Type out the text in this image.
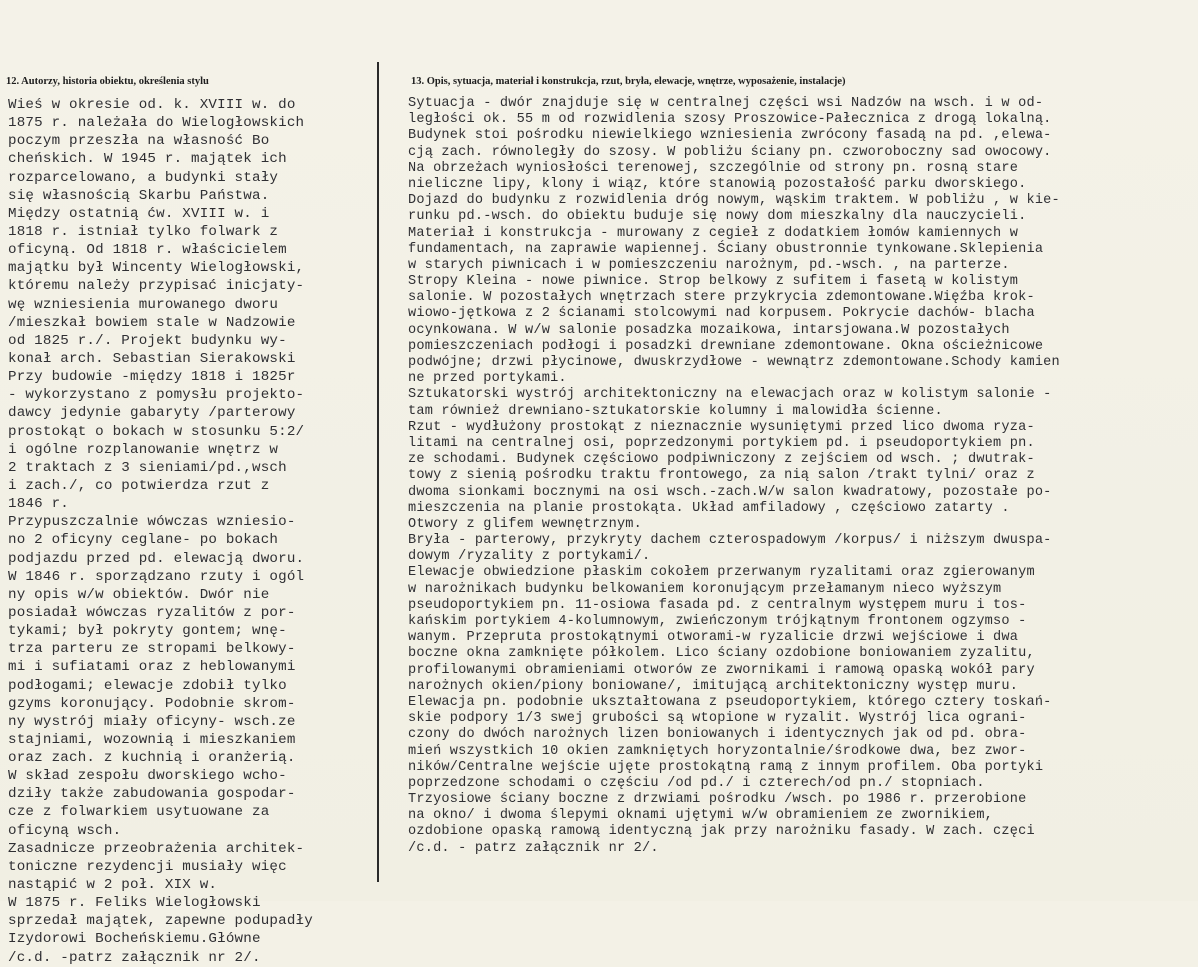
12. Autorzy, historia obiektu, określenia stylu	13. Opis, sytuacja, materiał i konstrukcja, rzut, bryła, elewacje, wnętrze, wyposażenie, instalacje)
Wieś w okresie od. k. XVIII w. do
1875 r. należała do Wielogłowskich
poczym przeszła na własność Bo
cheńskich. W 1945 r. majątek ich
rozparcelowano, a budynki stały
się własnością Skarbu Państwa.
Między ostatnią ćw. XVIII w. i
1818 r. istniał tylko folwark z
oficyną. Od 1818 r. właścicielem
majątku był Wincenty Wielogłowski,
któremu należy przypisać inicjaty-
wę wzniesienia murowanego dworu
/mieszkał bowiem stale w Nadzowie
od 1825 r./. Projekt budynku wy-
konał arch. Sebastian Sierakowski
Przy budowie -między 1818 i 1825r
- wykorzystano z pomysłu projekto-
dawcy jedynie gabaryty /parterowy
prostokąt o bokach w stosunku 5:2/
i ogólne rozplanowanie wnętrz w
2 traktach z 3 sieniami/pd.,wsch
i zach./, co potwierdza rzut z
1846 r.
Przypuszczalnie wówczas wzniesio-
no 2 oficyny ceglane- po bokach
podjazdu przed pd. elewacją dworu.
W 1846 r. sporządzano rzuty i ogól
ny opis w/w obiektów. Dwór nie
posiadał wówczas ryzalitów z por-
tykami; był pokryty gontem; wnę-
trza parteru ze stropami belkowy-
mi i sufiatami oraz z heblowanymi
podłogami; elewacje zdobił tylko
gzyms koronujący. Podobnie skrom-
ny wystrój miały oficyny- wsch.ze
stajniami, wozownią i mieszkaniem
oraz zach. z kuchnią i oranżerią.
W skład zespołu dworskiego wcho-
dziły także zabudowania gospodar-
cze z folwarkiem usytuowane za
oficyną wsch.
Zasadnicze przeobrażenia architek-
toniczne rezydencji musiały więc
nastąpić w 2 poł. XIX w.
W 1875 r. Feliks Wielogłowski
sprzedał majątek, zapewne podupadły
Izydorowi Bocheńskiemu.Główne
/c.d. -patrz załącznik nr 2/.
Sytuacja - dwór znajduje się w centralnej części wsi Nadzów na wsch. i w od-
ległości ok. 55 m od rozwidlenia szosy Proszowice-Pałecznica z drogą lokalną.
Budynek stoi pośrodku niewielkiego wzniesienia zwrócony fasadą na pd. ,elewa-
cją zach. równoległy do szosy. W pobliżu ściany pn. czworoboczny sad owocowy.
Na obrzeżach wyniosłości terenowej, szczególnie od strony pn. rosną stare
nieliczne lipy, klony i wiąz, które stanowią pozostałość parku dworskiego.
Dojazd do budynku z rozwidlenia dróg nowym, wąskim traktem. W pobliżu , w kie-
runku pd.-wsch. do obiektu buduje się nowy dom mieszkalny dla nauczycieli.
Materiał i konstrukcja - murowany z cegieł z dodatkiem łomów kamiennych w
fundamentach, na zaprawie wapiennej. Ściany obustronnie tynkowane.Sklepienia
w starych piwnicach i w pomieszczeniu narożnym, pd.-wsch. , na parterze.
Stropy Kleina - nowe piwnice. Strop belkowy z sufitem i fasetą w kolistym
salonie. W pozostałych wnętrzach stere przykrycia zdemontowane.Więźba krok-
wiowo-jętkowa z 2 ścianami stolcowymi nad korpusem. Pokrycie dachów- blacha
ocynkowana. W w/w salonie posadzka mozaikowa, intarsjowana.W pozostałych
pomieszczeniach podłogi i posadzki drewniane zdemontowane. Okna ościeżnicowe
podwójne; drzwi płycinowe, dwuskrzydłowe - wewnątrz zdemontowane.Schody kamien
ne przed portykami.
Sztukatorski wystrój architektoniczny na elewacjach oraz w kolistym salonie -
tam również drewniano-sztukatorskie kolumny i malowidła ścienne.
Rzut - wydłużony prostokąt z nieznacznie wysuniętymi przed lico dwoma ryza-
litami na centralnej osi, poprzedzonymi portykiem pd. i pseudoportykiem pn.
ze schodami. Budynek częściowo podpiwniczony z zejściem od wsch. ; dwutrak-
towy z sienią pośrodku traktu frontowego, za nią salon /trakt tylni/ oraz z
dwoma sionkami bocznymi na osi wsch.-zach.W/w salon kwadratowy, pozostałe po-
mieszczenia na planie prostokąta. Układ amfiladowy , częściowo zatarty .
Otwory z glifem wewnętrznym.
Bryła - parterowy, przykryty dachem czterospadowym /korpus/ i niższym dwuspa-
dowym /ryzality z portykami/.
Elewacje obwiedzione płaskim cokołem przerwanym ryzalitami oraz zgierowanym
w narożnikach budynku belkowaniem koronującym przełamanym nieco wyższym
pseudoportykiem pn. 11-osiowa fasada pd. z centralnym występem muru i tos-
kańskim portykiem 4-kolumnowym, zwieńczonym trójkątnym frontonem ogzymso -
wanym. Przepruta prostokątnymi otworami-w ryzalicie drzwi wejściowe i dwa
boczne okna zamknięte półkolem. Lico ściany ozdobione boniowaniem zyzalitu,
profilowanymi obramieniami otworów ze zwornikami i ramową opaską wokół pary
narożnych okien/piony boniowane/, imitującą architektoniczny występ muru.
Elewacja pn. podobnie ukształtowana z pseudoportykiem, którego cztery toskań-
skie podpory 1/3 swej grubości są wtopione w ryzalit. Wystrój lica ograni-
czony do dwóch narożnych lizen boniowanych i identycznych jak od pd. obra-
mień wszystkich 10 okien zamkniętych horyzontalnie/środkowe dwa, bez zwor-
ników/Centralne wejście ujęte prostokątną ramą z innym profilem. Oba portyki
poprzedzone schodami o częściu /od pd./ i czterech/od pn./ stopniach.
Trzyosiowe ściany boczne z drzwiami pośrodku /wsch. po 1986 r. przerobione
na okno/ i dwoma ślepymi oknami ujętymi w/w obramieniem ze zwornikiem,
ozdobione opaską ramową identyczną jak przy narożniku fasady. W zach. częci
/c.d. - patrz załącznik nr 2/.
